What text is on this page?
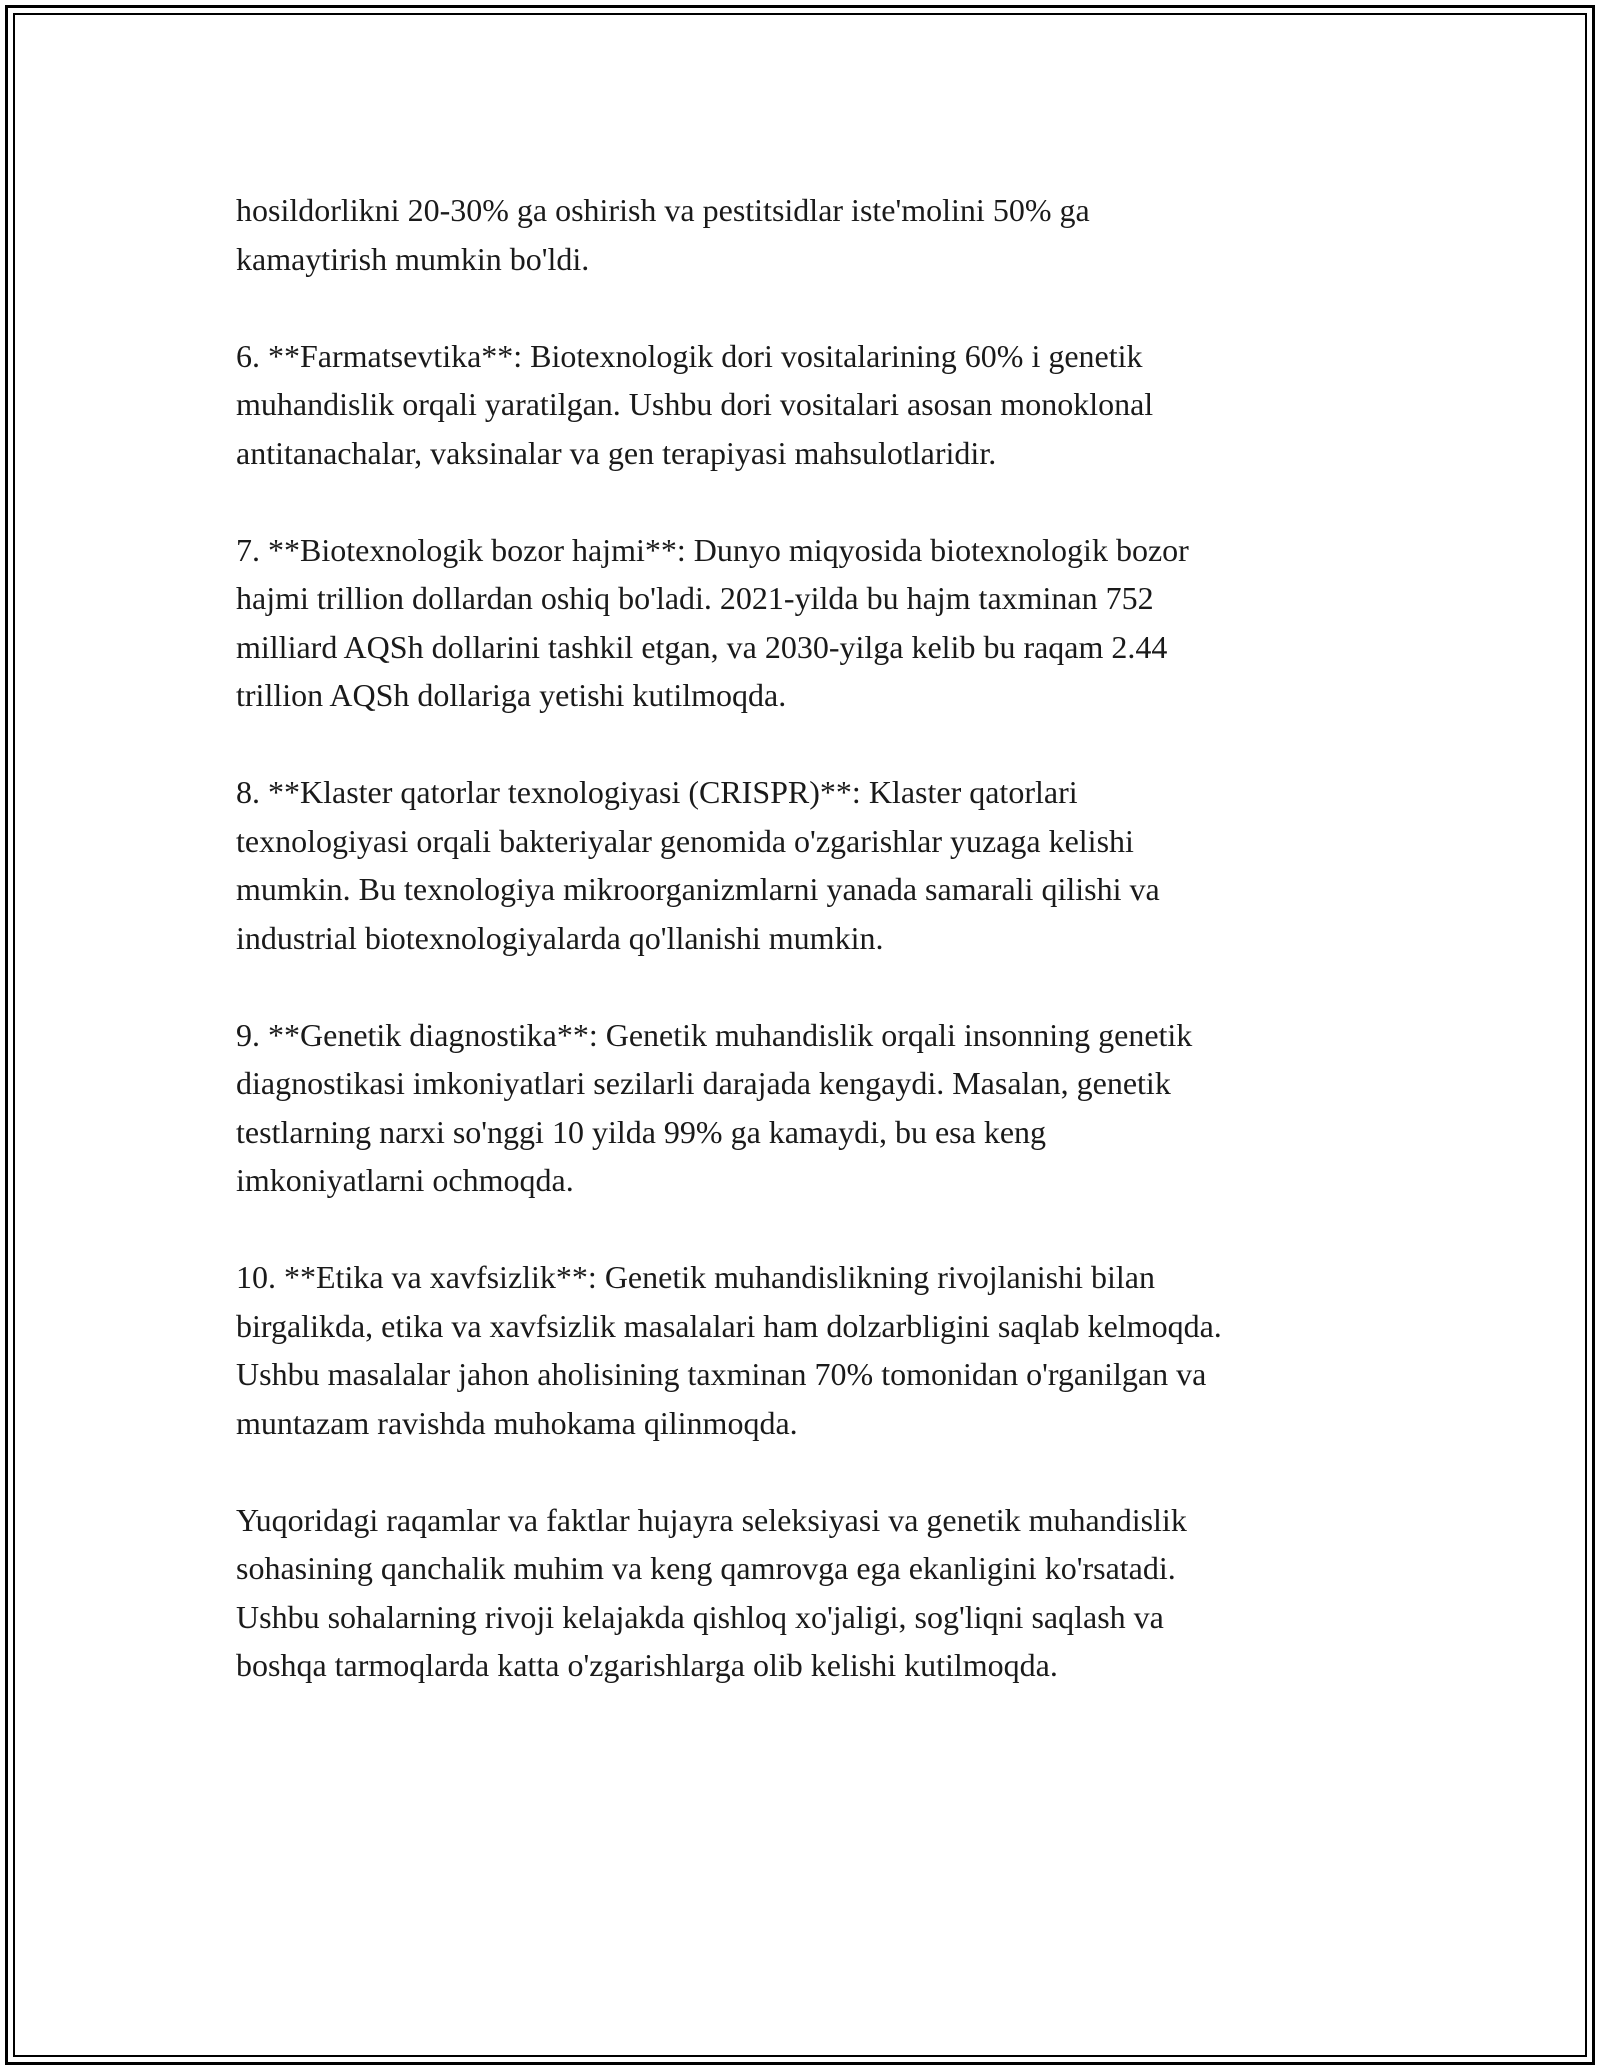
hosildorlikni 20-30% ga oshirish va pestitsidlar iste'molini 50% ga
kamaytirish mumkin bo'ldi.

6. **Farmatsevtika**: Biotexnologik dori vositalarining 60% i genetik
muhandislik orqali yaratilgan. Ushbu dori vositalari asosan monoklonal
antitanachalar, vaksinalar va gen terapiyasi mahsulotlaridir.

7. **Biotexnologik bozor hajmi**: Dunyo miqyosida biotexnologik bozor
hajmi trillion dollardan oshiq bo'ladi. 2021-yilda bu hajm taxminan 752
milliard AQSh dollarini tashkil etgan, va 2030-yilga kelib bu raqam 2.44
trillion AQSh dollariga yetishi kutilmoqda.

8. **Klaster qatorlar texnologiyasi (CRISPR)**: Klaster qatorlari
texnologiyasi orqali bakteriyalar genomida o'zgarishlar yuzaga kelishi
mumkin. Bu texnologiya mikroorganizmlarni yanada samarali qilishi va
industrial biotexnologiyalarda qo'llanishi mumkin.

9. **Genetik diagnostika**: Genetik muhandislik orqali insonning genetik
diagnostikasi imkoniyatlari sezilarli darajada kengaydi. Masalan, genetik
testlarning narxi so'nggi 10 yilda 99% ga kamaydi, bu esa keng
imkoniyatlarni ochmoqda.

10. **Etika va xavfsizlik**: Genetik muhandislikning rivojlanishi bilan
birgalikda, etika va xavfsizlik masalalari ham dolzarbligini saqlab kelmoqda.
Ushbu masalalar jahon aholisining taxminan 70% tomonidan o'rganilgan va
muntazam ravishda muhokama qilinmoqda.

Yuqoridagi raqamlar va faktlar hujayra seleksiyasi va genetik muhandislik
sohasining qanchalik muhim va keng qamrovga ega ekanligini ko'rsatadi.
Ushbu sohalarning rivoji kelajakda qishloq xo'jaligi, sog'liqni saqlash va
boshqa tarmoqlarda katta o'zgarishlarga olib kelishi kutilmoqda.
